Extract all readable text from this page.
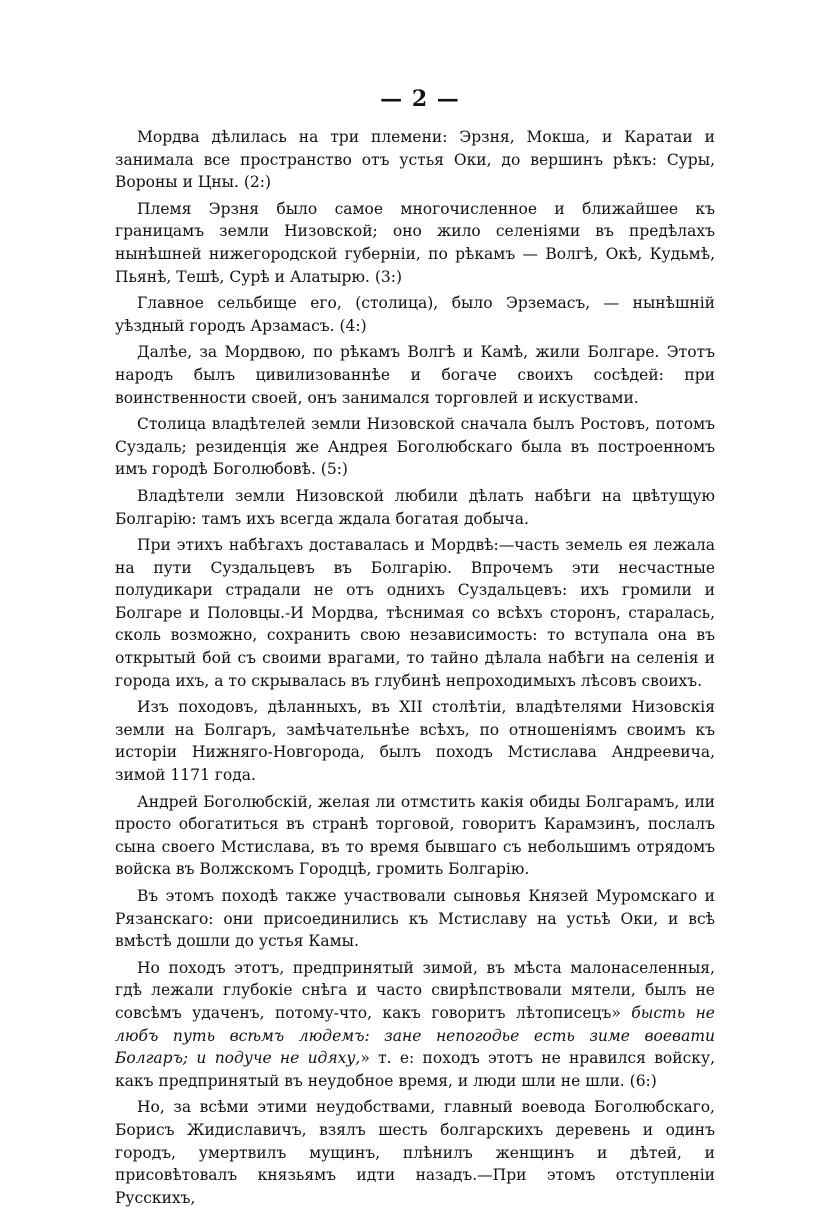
— 2 —

Мордва дѣлилась на три племени: Эрзня, Мокша, и Каратаи и занимала все пространство отъ устья Оки, до вершинъ рѣкъ: Суры, Вороны и Цны. (2:)

Племя Эрзня было самое многочисленное и ближайшее къ границамъ земли Низовской; оно жило селеніями въ предѣлахъ нынѣшней нижегородской губерніи, по рѣкамъ — Волгѣ, Окѣ, Кудьмѣ, Пьянѣ, Тешѣ, Сурѣ и Алатырю. (3:)

Главное сельбище его, (столица), было Эрземасъ, — нынѣшній уѣздный городъ Арзамасъ. (4:)

Далѣе, за Мордвою, по рѣкамъ Волгѣ и Камѣ, жили Болгаре. Этотъ народъ былъ цивилизованнѣе и богаче своихъ сосѣдей: при воинственности своей, онъ занимался торговлей и искуствами.

Столица владѣтелей земли Низовской сначала былъ Ростовъ, потомъ Суздаль; резиденція же Андрея Боголюбскаго была въ построенномъ имъ городѣ Боголюбовѣ. (5:)

Владѣтели земли Низовской любили дѣлать набѣги на цвѣтущую Болгарію: тамъ ихъ всегда ждала богатая добыча.

При этихъ набѣгахъ доставалась и Мордвѣ:—часть земель ея лежала на пути Суздальцевъ въ Болгарію. Впрочемъ эти несчастные полудикари страдали не отъ однихъ Суздальцевъ: ихъ громили и Болгаре и Половцы.-И Мордва, тѣснимая со всѣхъ сторонъ, старалась, сколь возможно, сохранить свою независимость: то вступала она въ открытый бой съ своими врагами, то тайно дѣлала набѣги на селенія и города ихъ, а то скрывалась въ глубинѣ непроходимыхъ лѣсовъ своихъ.

Изъ походовъ, дѣланныхъ, въ XII столѣтіи, владѣтелями Низовскія земли на Болгаръ, замѣчательнѣе всѣхъ, по отношеніямъ своимъ къ исторіи Нижняго-Новгорода, былъ походъ Мстислава Андреевича, зимой 1171 года.

Андрей Боголюбскій, желая ли отмстить какія обиды Болгарамъ, или просто обогатиться въ странѣ торговой, говоритъ Карамзинъ, послалъ сына своего Мстислава, въ то время бывшаго съ небольшимъ отрядомъ войска въ Волжскомъ Городцѣ, громить Болгарію.

Въ этомъ походѣ также участвовали сыновья Князей Муромскаго и Рязанскаго: они присоединились къ Мстиславу на устьѣ Оки, и всѣ вмѣстѣ дошли до устья Камы.

Но походъ этотъ, предпринятый зимой, въ мѣста малонаселенныя, гдѣ лежали глубокіе снѣга и часто свирѣпствовали мятели, былъ не совсѣмъ удаченъ, потому-что, какъ говоритъ лѣтописецъ» бысть не любъ путь всѣмъ людемъ: зане непогодье есть зиме воевати Болгаръ; и подуче не идяху,» т. е: походъ этотъ не нравился войску, какъ предпринятый въ неудобное время, и люди шли не шли. (6:)

Но, за всѣми этими неудобствами, главный воевода Боголюбскаго, Борисъ Жидиславичъ, взялъ шесть болгарскихъ деревень и одинъ городъ, умертвилъ мущинъ, плѣнилъ женщинъ и дѣтей, и присовѣтовалъ князьямъ идти назадъ.—При этомъ отступленіи Русскихъ,
